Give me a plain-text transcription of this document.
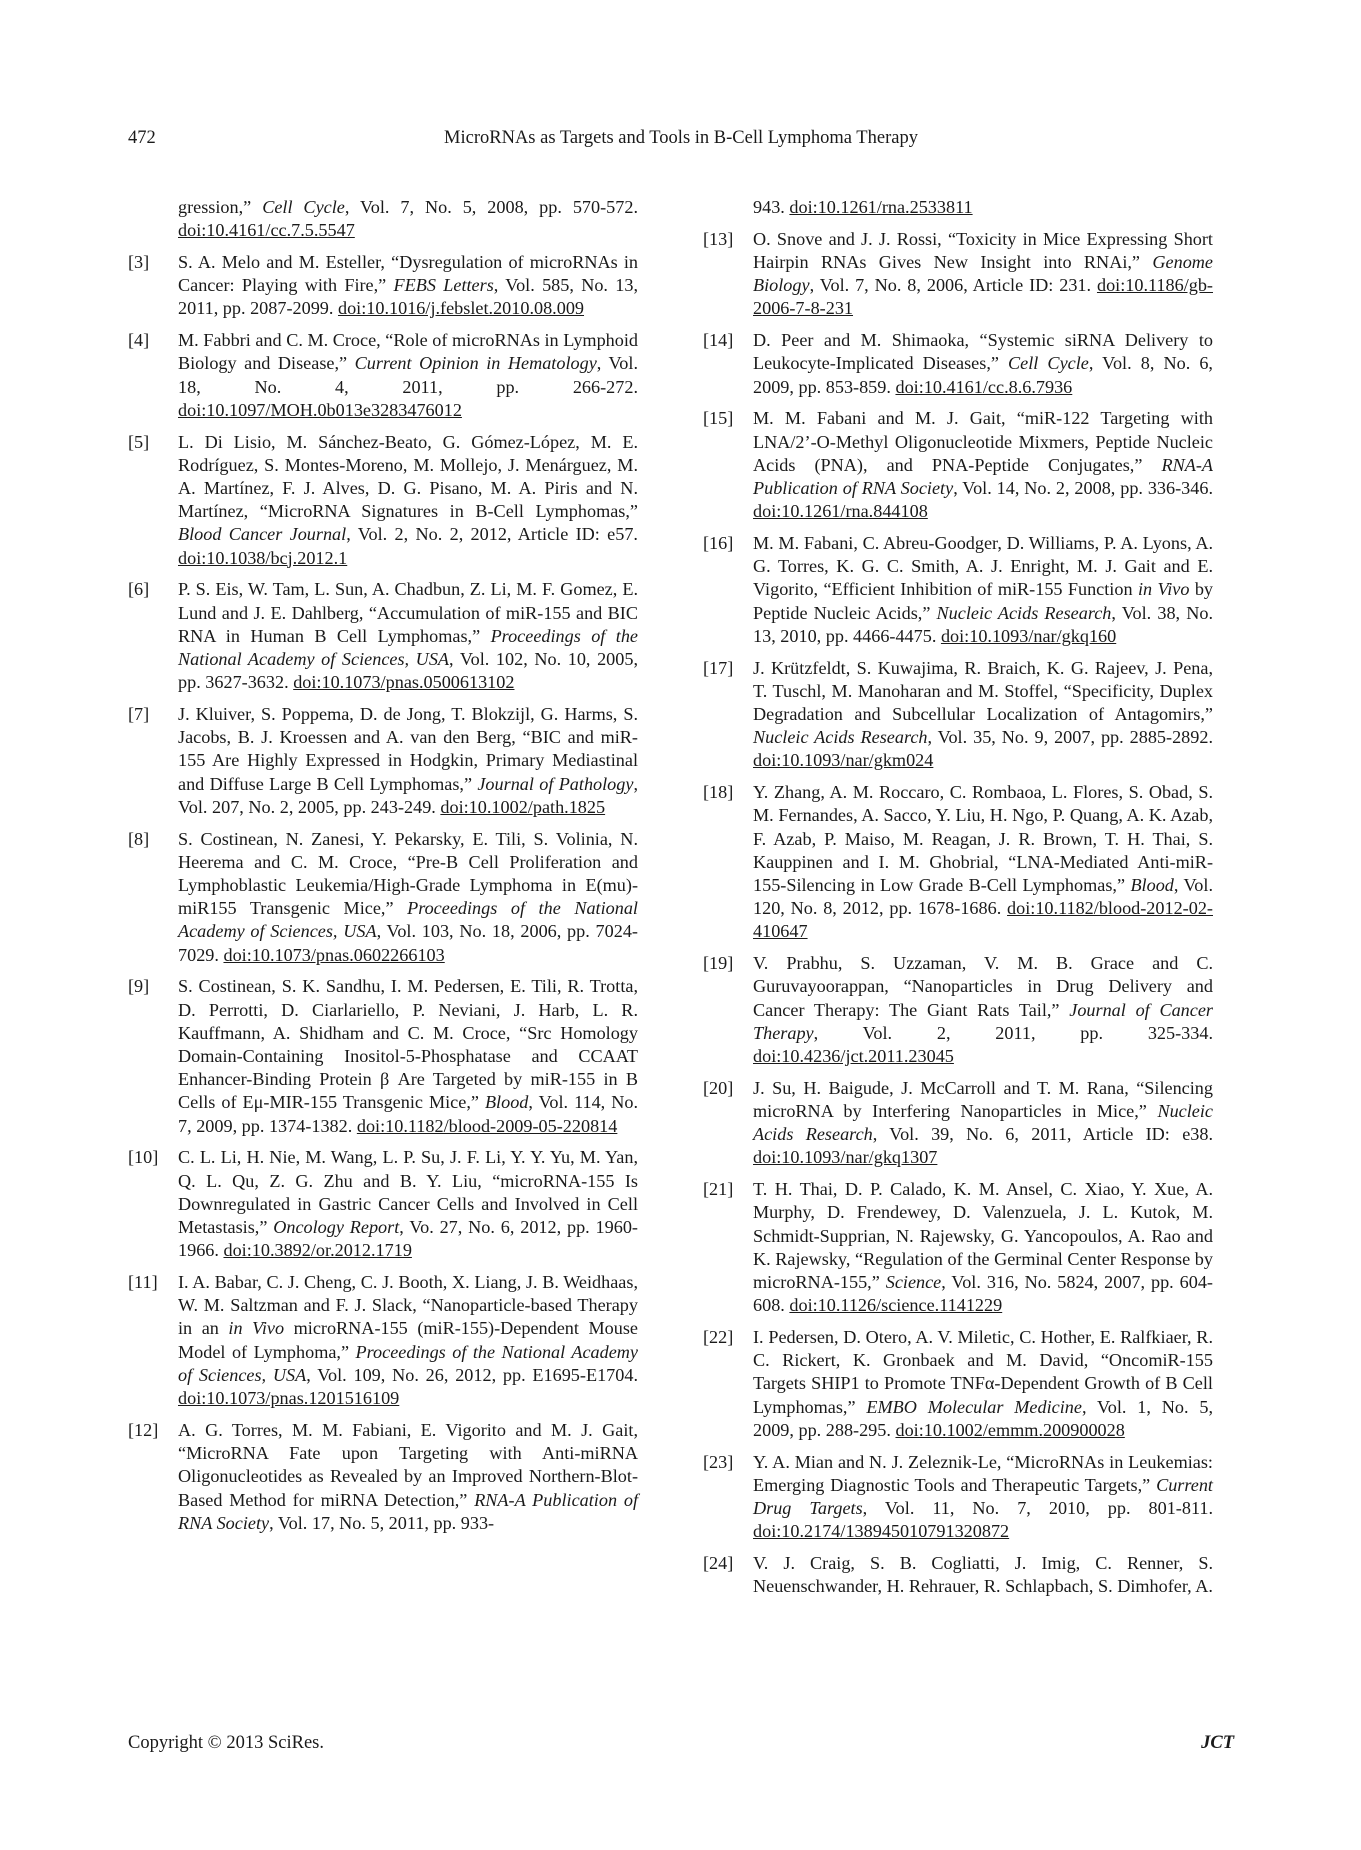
472	MicroRNAs as Targets and Tools in B-Cell Lymphoma Therapy
gression,” Cell Cycle, Vol. 7, No. 5, 2008, pp. 570-572. doi:10.4161/cc.7.5.5547
[3] S. A. Melo and M. Esteller, “Dysregulation of microRNAs in Cancer: Playing with Fire,” FEBS Letters, Vol. 585, No. 13, 2011, pp. 2087-2099. doi:10.1016/j.febslet.2010.08.009
[4] M. Fabbri and C. M. Croce, “Role of microRNAs in Lymphoid Biology and Disease,” Current Opinion in Hematology, Vol. 18, No. 4, 2011, pp. 266-272. doi:10.1097/MOH.0b013e3283476012
[5] L. Di Lisio, M. Sánchez-Beato, G. Gómez-López, M. E. Rodríguez, S. Montes-Moreno, M. Mollejo, J. Menárguez, M. A. Martínez, F. J. Alves, D. G. Pisano, M. A. Piris and N. Martínez, “MicroRNA Signatures in B-Cell Lymphomas,” Blood Cancer Journal, Vol. 2, No. 2, 2012, Article ID: e57. doi:10.1038/bcj.2012.1
[6] P. S. Eis, W. Tam, L. Sun, A. Chadbun, Z. Li, M. F. Gomez, E. Lund and J. E. Dahlberg, “Accumulation of miR-155 and BIC RNA in Human B Cell Lymphomas,” Proceedings of the National Academy of Sciences, USA, Vol. 102, No. 10, 2005, pp. 3627-3632. doi:10.1073/pnas.0500613102
[7] J. Kluiver, S. Poppema, D. de Jong, T. Blokzijl, G. Harms, S. Jacobs, B. J. Kroessen and A. van den Berg, “BIC and miR-155 Are Highly Expressed in Hodgkin, Primary Mediastinal and Diffuse Large B Cell Lymphomas,” Journal of Pathology, Vol. 207, No. 2, 2005, pp. 243-249. doi:10.1002/path.1825
[8] S. Costinean, N. Zanesi, Y. Pekarsky, E. Tili, S. Volinia, N. Heerema and C. M. Croce, “Pre-B Cell Proliferation and Lymphoblastic Leukemia/High-Grade Lymphoma in E(mu)-miR155 Transgenic Mice,” Proceedings of the National Academy of Sciences, USA, Vol. 103, No. 18, 2006, pp. 7024-7029. doi:10.1073/pnas.0602266103
[9] S. Costinean, S. K. Sandhu, I. M. Pedersen, E. Tili, R. Trotta, D. Perrotti, D. Ciarlariello, P. Neviani, J. Harb, L. R. Kauffmann, A. Shidham and C. M. Croce, “Src Homology Domain-Containing Inositol-5-Phosphatase and CCAAT Enhancer-Binding Protein β Are Targeted by miR-155 in B Cells of Eμ-MIR-155 Transgenic Mice,” Blood, Vol. 114, No. 7, 2009, pp. 1374-1382. doi:10.1182/blood-2009-05-220814
[10] C. L. Li, H. Nie, M. Wang, L. P. Su, J. F. Li, Y. Y. Yu, M. Yan, Q. L. Qu, Z. G. Zhu and B. Y. Liu, “microRNA-155 Is Downregulated in Gastric Cancer Cells and Involved in Cell Metastasis,” Oncology Report, Vo. 27, No. 6, 2012, pp. 1960-1966. doi:10.3892/or.2012.1719
[11] I. A. Babar, C. J. Cheng, C. J. Booth, X. Liang, J. B. Weidhaas, W. M. Saltzman and F. J. Slack, “Nanoparticle-based Therapy in an in Vivo microRNA-155 (miR-155)-Dependent Mouse Model of Lymphoma,” Proceedings of the National Academy of Sciences, USA, Vol. 109, No. 26, 2012, pp. E1695-E1704. doi:10.1073/pnas.1201516109
[12] A. G. Torres, M. M. Fabiani, E. Vigorito and M. J. Gait, “MicroRNA Fate upon Targeting with Anti-miRNA Oligonucleotides as Revealed by an Improved Northern-Blot-Based Method for miRNA Detection,” RNA-A Publication of RNA Society, Vol. 17, No. 5, 2011, pp. 933-
943. doi:10.1261/rna.2533811
[13] O. Snove and J. J. Rossi, “Toxicity in Mice Expressing Short Hairpin RNAs Gives New Insight into RNAi,” Genome Biology, Vol. 7, No. 8, 2006, Article ID: 231. doi:10.1186/gb-2006-7-8-231
[14] D. Peer and M. Shimaoka, “Systemic siRNA Delivery to Leukocyte-Implicated Diseases,” Cell Cycle, Vol. 8, No. 6, 2009, pp. 853-859. doi:10.4161/cc.8.6.7936
[15] M. M. Fabani and M. J. Gait, “miR-122 Targeting with LNA/2’-O-Methyl Oligonucleotide Mixmers, Peptide Nucleic Acids (PNA), and PNA-Peptide Conjugates,” RNA-A Publication of RNA Society, Vol. 14, No. 2, 2008, pp. 336-346. doi:10.1261/rna.844108
[16] M. M. Fabani, C. Abreu-Goodger, D. Williams, P. A. Lyons, A. G. Torres, K. G. C. Smith, A. J. Enright, M. J. Gait and E. Vigorito, “Efficient Inhibition of miR-155 Function in Vivo by Peptide Nucleic Acids,” Nucleic Acids Research, Vol. 38, No. 13, 2010, pp. 4466-4475. doi:10.1093/nar/gkq160
[17] J. Krützfeldt, S. Kuwajima, R. Braich, K. G. Rajeev, J. Pena, T. Tuschl, M. Manoharan and M. Stoffel, “Specificity, Duplex Degradation and Subcellular Localization of Antagomirs,” Nucleic Acids Research, Vol. 35, No. 9, 2007, pp. 2885-2892. doi:10.1093/nar/gkm024
[18] Y. Zhang, A. M. Roccaro, C. Rombaoa, L. Flores, S. Obad, S. M. Fernandes, A. Sacco, Y. Liu, H. Ngo, P. Quang, A. K. Azab, F. Azab, P. Maiso, M. Reagan, J. R. Brown, T. H. Thai, S. Kauppinen and I. M. Ghobrial, “LNA-Mediated Anti-miR-155-Silencing in Low Grade B-Cell Lymphomas,” Blood, Vol. 120, No. 8, 2012, pp. 1678-1686. doi:10.1182/blood-2012-02-410647
[19] V. Prabhu, S. Uzzaman, V. M. B. Grace and C. Guruvayoorappan, “Nanoparticles in Drug Delivery and Cancer Therapy: The Giant Rats Tail,” Journal of Cancer Therapy, Vol. 2, 2011, pp. 325-334. doi:10.4236/jct.2011.23045
[20] J. Su, H. Baigude, J. McCarroll and T. M. Rana, “Silencing microRNA by Interfering Nanoparticles in Mice,” Nucleic Acids Research, Vol. 39, No. 6, 2011, Article ID: e38. doi:10.1093/nar/gkq1307
[21] T. H. Thai, D. P. Calado, K. M. Ansel, C. Xiao, Y. Xue, A. Murphy, D. Frendewey, D. Valenzuela, J. L. Kutok, M. Schmidt-Supprian, N. Rajewsky, G. Yancopoulos, A. Rao and K. Rajewsky, “Regulation of the Germinal Center Response by microRNA-155,” Science, Vol. 316, No. 5824, 2007, pp. 604-608. doi:10.1126/science.1141229
[22] I. Pedersen, D. Otero, A. V. Miletic, C. Hother, E. Ralfkiaer, R. C. Rickert, K. Gronbaek and M. David, “OncomiR-155 Targets SHIP1 to Promote TNFα-Dependent Growth of B Cell Lymphomas,” EMBO Molecular Medicine, Vol. 1, No. 5, 2009, pp. 288-295. doi:10.1002/emmm.200900028
[23] Y. A. Mian and N. J. Zeleznik-Le, “MicroRNAs in Leukemias: Emerging Diagnostic Tools and Therapeutic Targets,” Current Drug Targets, Vol. 11, No. 7, 2010, pp. 801-811. doi:10.2174/138945010791320872
[24] V. J. Craig, S. B. Cogliatti, J. Imig, C. Renner, S. Neuenschwander, H. Rehrauer, R. Schlapbach, S. Dimhofer, A.
Copyright © 2013 SciRes.	JCT
